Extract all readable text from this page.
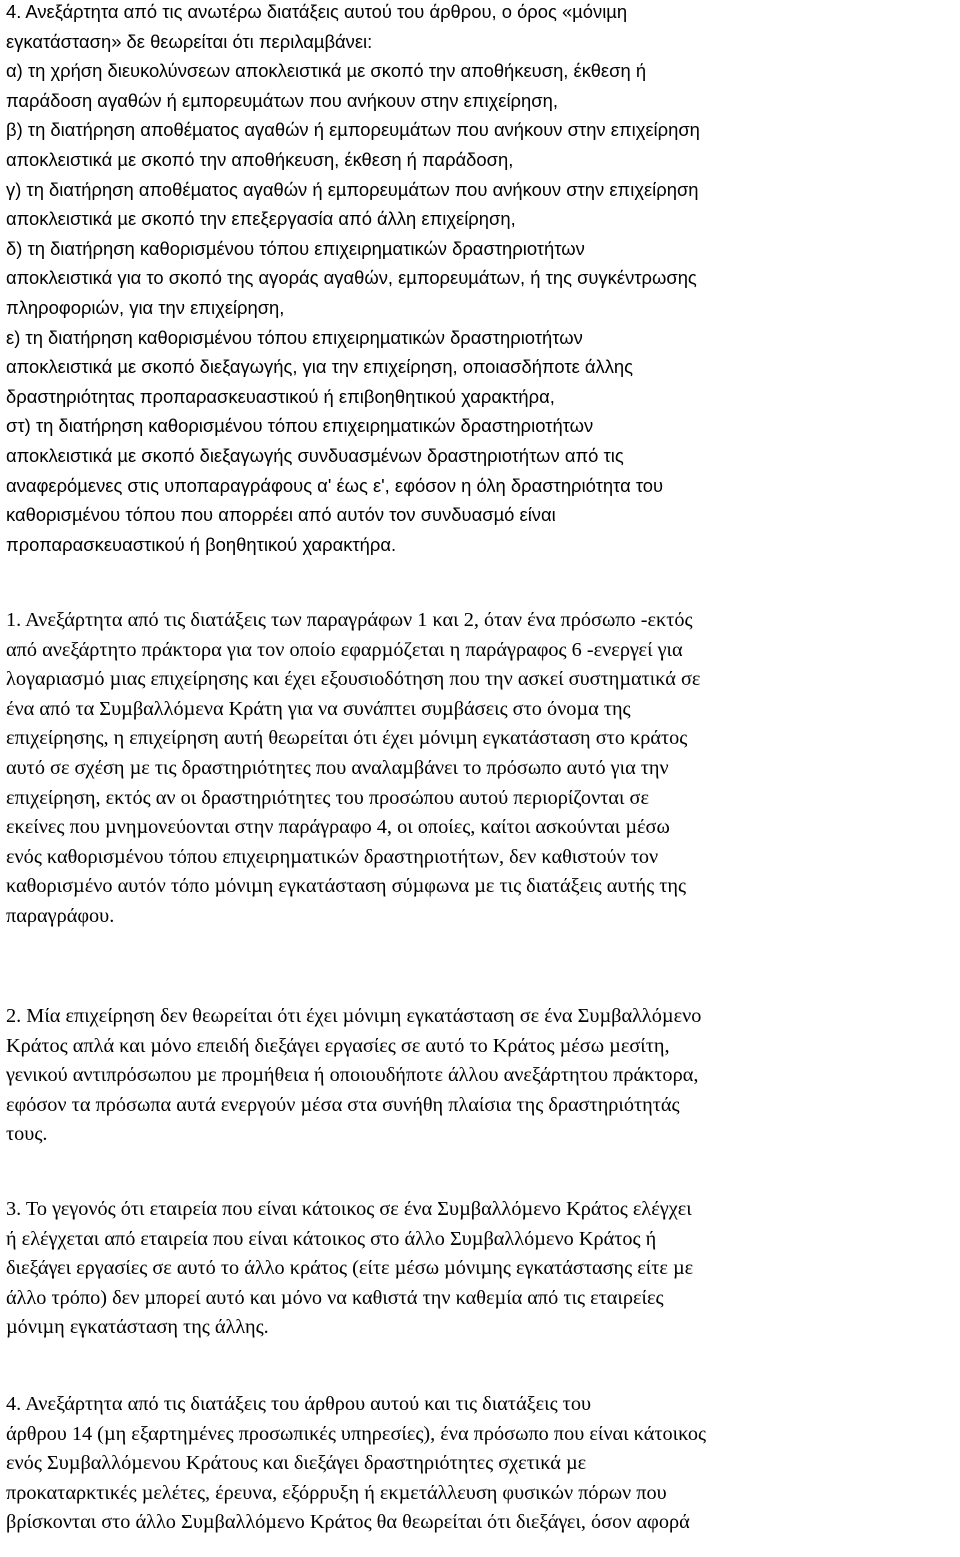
4. Ανεξάρτητα από τις ανωτέρω διατάξεις αυτού του άρθρου, ο όρος «µόνιµη

εγκατάσταση» δε θεωρείται ότι περιλαµβάνει:

α) τη χρήση διευκολύνσεων αποκλειστικά µε σκοπό την αποθήκευση, έκθεση ή

παράδοση αγαθών ή εµπορευµάτων που ανήκουν στην επιχείρηση,

β) τη διατήρηση αποθέµατος αγαθών ή εµπορευµάτων που ανήκουν στην επιχείρηση

αποκλειστικά µε σκοπό την αποθήκευση, έκθεση ή παράδοση,

γ) τη διατήρηση αποθέµατος αγαθών ή εµπορευµάτων που ανήκουν στην επιχείρηση

αποκλειστικά µε σκοπό την επεξεργασία από άλλη επιχείρηση,

δ) τη διατήρηση καθορισµένου τόπου επιχειρηµατικών δραστηριοτήτων

αποκλειστικά για το σκοπό της αγοράς αγαθών, εµπορευµάτων, ή της συγκέντρωσης

πληροφοριών, για την επιχείρηση,

ε) τη διατήρηση καθορισµένου τόπου επιχειρηµατικών δραστηριοτήτων

αποκλειστικά µε σκοπό διεξαγωγής, για την επιχείρηση, οποιασδήποτε άλλης

δραστηριότητας προπαρασκευαστικού ή επιβοηθητικού χαρακτήρα,

στ) τη διατήρηση καθορισµένου τόπου επιχειρηµατικών δραστηριοτήτων

αποκλειστικά µε σκοπό διεξαγωγής συνδυασµένων δραστηριοτήτων από τις

αναφερόµενες στις υποπαραγράφους α' έως ε', εφόσον η όλη δραστηριότητα του

καθορισµένου τόπου που απορρέει από αυτόν τον συνδυασµό είναι

προπαρασκευαστικού ή βοηθητικού χαρακτήρα.

1. Ανεξάρτητα από τις διατάξεις των παραγράφων 1 και 2, όταν ένα πρόσωπο -εκτός

από ανεξάρτητο πράκτορα για τον οποίο εφαρµόζεται η παράγραφος 6 -ενεργεί για

λογαριασµό µιας επιχείρησης και έχει εξουσιοδότηση που την ασκεί συστηµατικά σε

ένα από τα Συµβαλλόµενα Κράτη για να συνάπτει συµβάσεις στο όνοµα της

επιχείρησης, η επιχείρηση αυτή θεωρείται ότι έχει µόνιµη εγκατάσταση στο κράτος

αυτό σε σχέση µε τις δραστηριότητες που αναλαµβάνει το πρόσωπο αυτό για την

επιχείρηση, εκτός αν οι δραστηριότητες του προσώπου αυτού περιορίζονται σε

εκείνες που µνηµονεύονται στην παράγραφο 4, οι οποίες, καίτοι ασκούνται µέσω

ενός καθορισµένου τόπου επιχειρηµατικών δραστηριοτήτων, δεν καθιστούν τον

καθορισµένο αυτόν τόπο µόνιµη εγκατάσταση σύµφωνα µε τις διατάξεις αυτής της

παραγράφου.

2. Μία επιχείρηση δεν θεωρείται ότι έχει µόνιµη εγκατάσταση σε ένα Συµβαλλόµενο

Κράτος απλά και µόνο επειδή διεξάγει εργασίες σε αυτό το Κράτος µέσω µεσίτη,

γενικού αντιπρόσωπου µε προµήθεια ή οποιουδήποτε άλλου ανεξάρτητου πράκτορα,

εφόσον τα πρόσωπα αυτά ενεργούν µέσα στα συνήθη πλαίσια της δραστηριότητάς

τους.

3. Το γεγονός ότι εταιρεία που είναι κάτοικος σε ένα Συµβαλλόµενο Κράτος ελέγχει

ή ελέγχεται από εταιρεία που είναι κάτοικος στο άλλο Συµβαλλόµενο Κράτος ή

διεξάγει εργασίες σε αυτό το άλλο κράτος (είτε µέσω µόνιµης εγκατάστασης είτε µε

άλλο τρόπο) δεν µπορεί αυτό και µόνο να καθιστά την καθεµία από τις εταιρείες

µόνιµη εγκατάσταση της άλλης.

4. Ανεξάρτητα από τις διατάξεις του άρθρου αυτού και τις διατάξεις του

άρθρου 14 (µη εξαρτηµένες προσωπικές υπηρεσίες), ένα πρόσωπο που είναι κάτοικος

ενός Συµβαλλόµενου Κράτους και διεξάγει δραστηριότητες σχετικά µε

προκαταρκτικές µελέτες, έρευνα, εξόρρυξη ή εκµετάλλευση φυσικών πόρων που

βρίσκονται στο άλλο Συµβαλλόµενο Κράτος θα θεωρείται ότι διεξάγει, όσον αφορά
